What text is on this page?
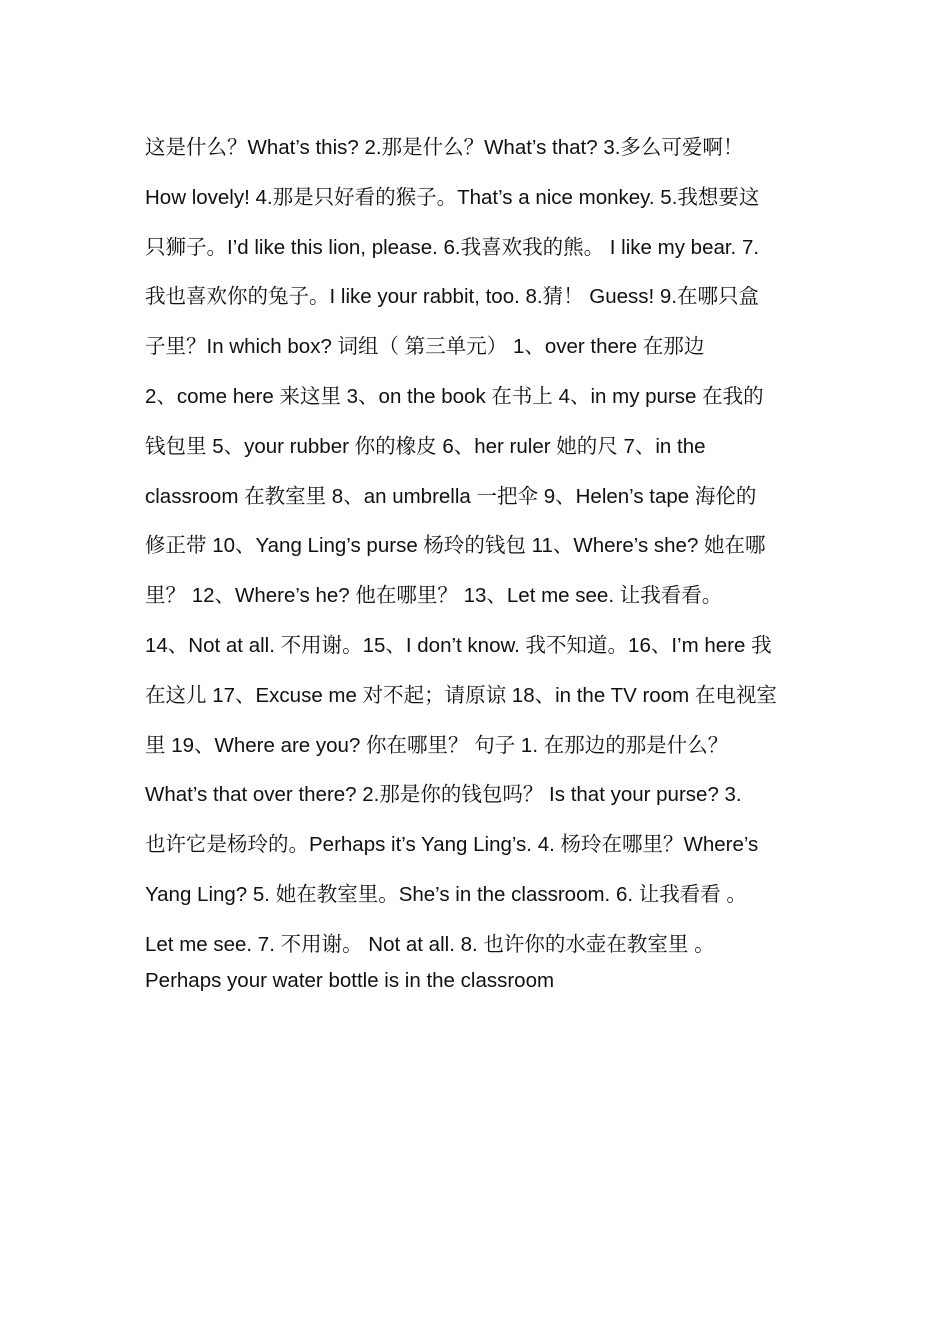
这是什么？What’s this? 2.那是什么？What’s that? 3.多么可爱啊！
How lovely! 4.那是只好看的猴子。That’s a nice monkey. 5.我想要这
只狮子。I’d like this lion, please. 6.我喜欢我的熊。 I like my bear. 7.
我也喜欢你的兔子。I like your rabbit, too. 8.猜！ Guess! 9.在哪只盒
子里？In which box? 词组（ 第三单元） 1、over there 在那边
2、come here 来这里 3、on the book 在书上 4、in my purse 在我的
钱包里 5、your rubber 你的橡皮 6、her ruler 她的尺 7、in the
classroom 在教室里 8、an umbrella 一把伞 9、Helen’s tape 海伦的
修正带 10、Yang Ling’s purse 杨玲的钱包 11、Where’s she? 她在哪
里？ 12、Where’s he? 他在哪里？ 13、Let me see. 让我看看。
14、Not at all. 不用谢。15、I don’t know. 我不知道。16、I’m here 我
在这儿 17、Excuse me 对不起；请原谅 18、in the TV room 在电视室
里 19、Where are you? 你在哪里？ 句子 1. 在那边的那是什么？
What’s that over there? 2.那是你的钱包吗？ Is that your purse? 3.
也许它是杨玲的。Perhaps it’s Yang Ling’s. 4. 杨玲在哪里？Where’s
Yang Ling? 5. 她在教室里。She’s in the classroom. 6. 让我看看 。
Let me see. 7. 不用谢。 Not at all. 8. 也许你的水壶在教室里 。
Perhaps your water bottle is in the classroom
